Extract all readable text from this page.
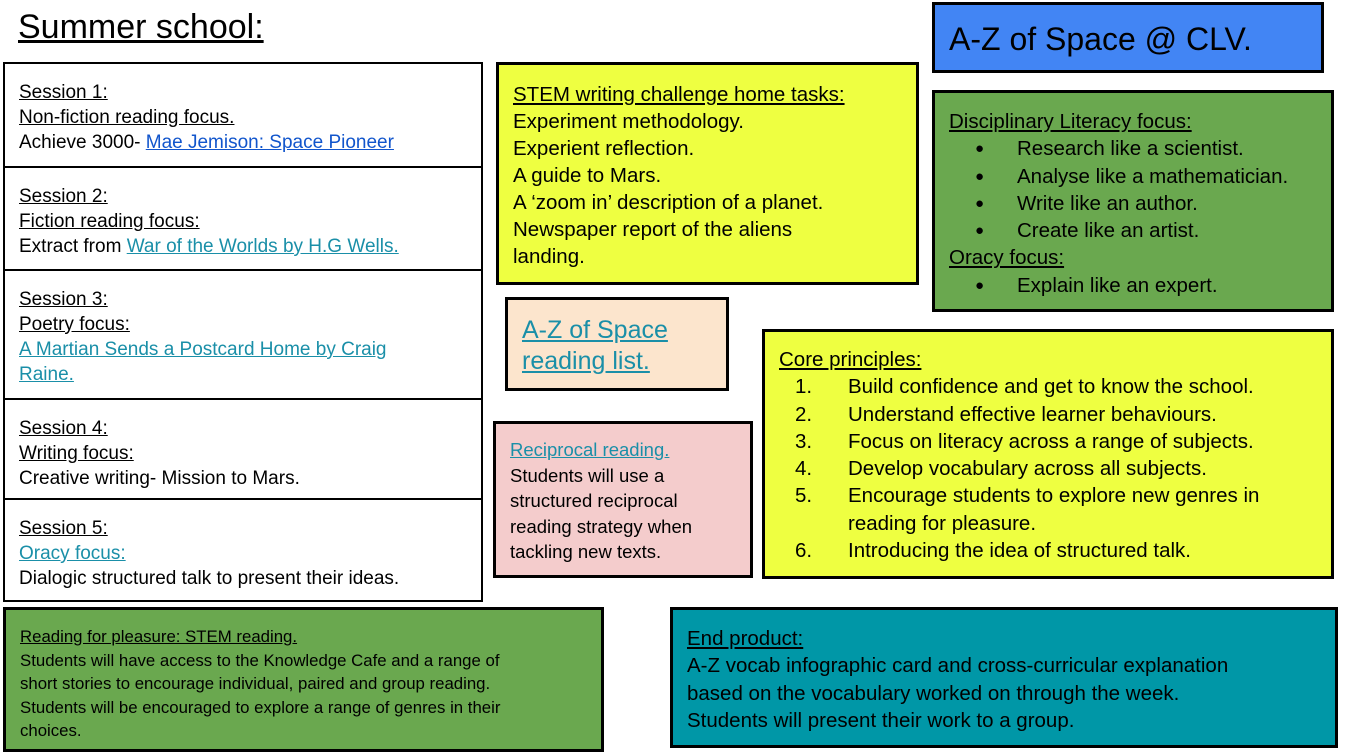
Summer school:
Session 1:
Non-fiction reading focus.
Achieve 3000- Mae Jemison: Space Pioneer
Session 2:
Fiction reading focus:
Extract from War of the Worlds by H.G Wells.
Session 3:
Poetry focus:
A Martian Sends a Postcard Home by Craig
Raine.
Session 4:
Writing focus:
Creative writing- Mission to Mars.
Session 5:
Oracy focus:
Dialogic structured talk to present their ideas.
STEM writing challenge home tasks:
Experiment methodology.
Experient reflection.
A guide to Mars.
A ‘zoom in’ description of a planet.
Newspaper report of the aliens
landing.
A-Z of Space @ CLV.
Disciplinary Literacy focus:
● Research like a scientist.
● Analyse like a mathematician.
● Write like an author.
● Create like an artist.
Oracy focus:
● Explain like an expert.
A-Z of Space
reading list.	Core principles:
1. Build confidence and get to know the school.
2. Understand effective learner behaviours.
3. Focus on literacy across a range of subjects.
4. Develop vocabulary across all subjects.
5. Encourage students to explore new genres in
reading for pleasure.
6. Introducing the idea of structured talk.
Reciprocal reading.
Students will use a
structured reciprocal
reading strategy when
tackling new texts.
Reading for pleasure: STEM reading.
Students will have access to the Knowledge Cafe and a range of
short stories to encourage individual, paired and group reading.
Students will be encouraged to explore a range of genres in their
choices.
End product:
A-Z vocab infographic card and cross-curricular explanation
based on the vocabulary worked on through the week.
Students will present their work to a group.
